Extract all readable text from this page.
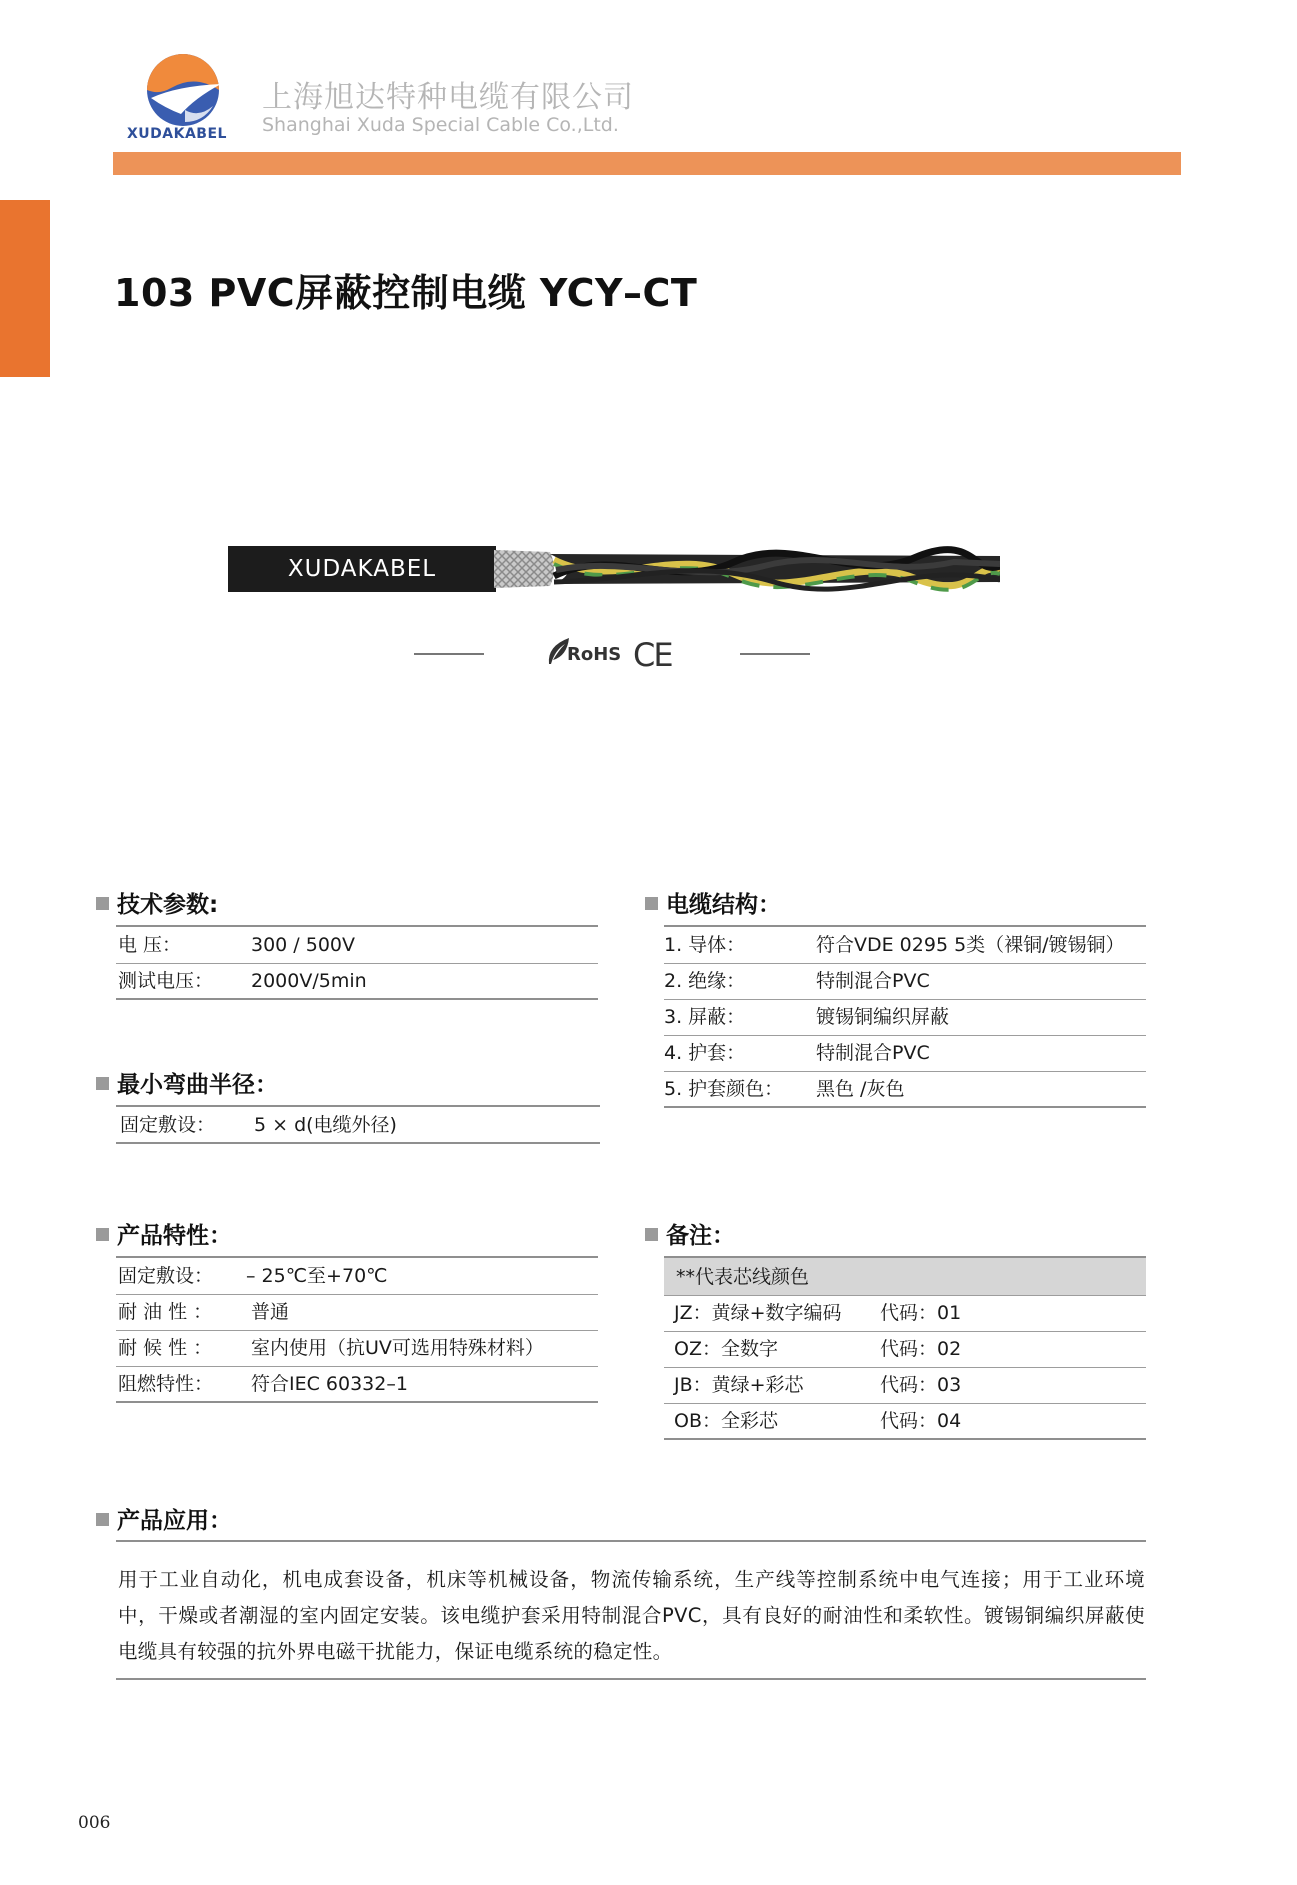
XUDAKABEL
上海旭达特种电缆有限公司
Shanghai Xuda Special Cable Co.,Ltd.
103 PVC屏蔽控制电缆 YCY–CT
XUDAKABEL
RoHS CE
技术参数:
电 压：	300 / 500V
测试电压： 2000V/5min
最小弯曲半径：
固定敷设： 5 × d(电缆外径)
电缆结构：
1. 导体：	符合VDE 0295 5类（裸铜/镀锡铜）
2. 绝缘：	特制混合PVC
3. 屏蔽：	镀锡铜编织屏蔽
4. 护套：	特制混合PVC
5. 护套颜色： 黑色 /灰色
产品特性：
固定敷设： – 25℃至+70℃
耐 油 性 ： 普通
耐 候 性 ： 室内使用（抗UV可选用特殊材料）
阻燃特性： 符合IEC 60332–1
备注：
**代表芯线颜色
JZ：黄绿+数字编码 代码：01
OZ：全数字	代码：02
JB：黄绿+彩芯	代码：03
OB：全彩芯	代码：04
产品应用：
用于工业自动化，机电成套设备，机床等机械设备，物流传输系统，生产线等控制系统中电气连接；用于工业环境中，干燥或者潮湿的室内固定安装。该电缆护套采用特制混合PVC，具有良好的耐油性和柔软性。镀锡铜编织屏蔽使电缆具有较强的抗外界电磁干扰能力，保证电缆系统的稳定性。
006
